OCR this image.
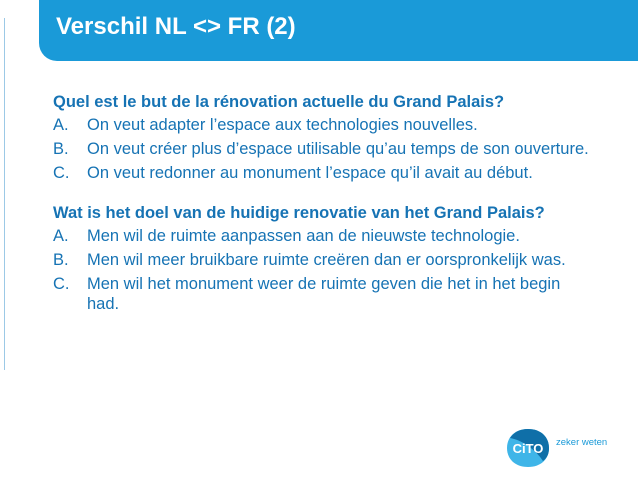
Verschil NL <> FR (2)

Quel est le but de la rénovation actuelle du Grand Palais?

A.	On veut adapter l’espace aux technologies nouvelles.
B.	On veut créer plus d’espace utilisable qu’au temps de son ouverture.
C.	On veut redonner au monument l’espace qu’il avait au début.

Wat is het doel van de huidige renovatie van het Grand Palais?

A.	Men wil de ruimte aanpassen aan de nieuwste technologie.
B.	Men wil meer bruikbare ruimte creëren dan er oorspronkelijk was.
C.	Men wil het monument weer de ruimte geven die het in het begin had.
CiTO zeker weten
